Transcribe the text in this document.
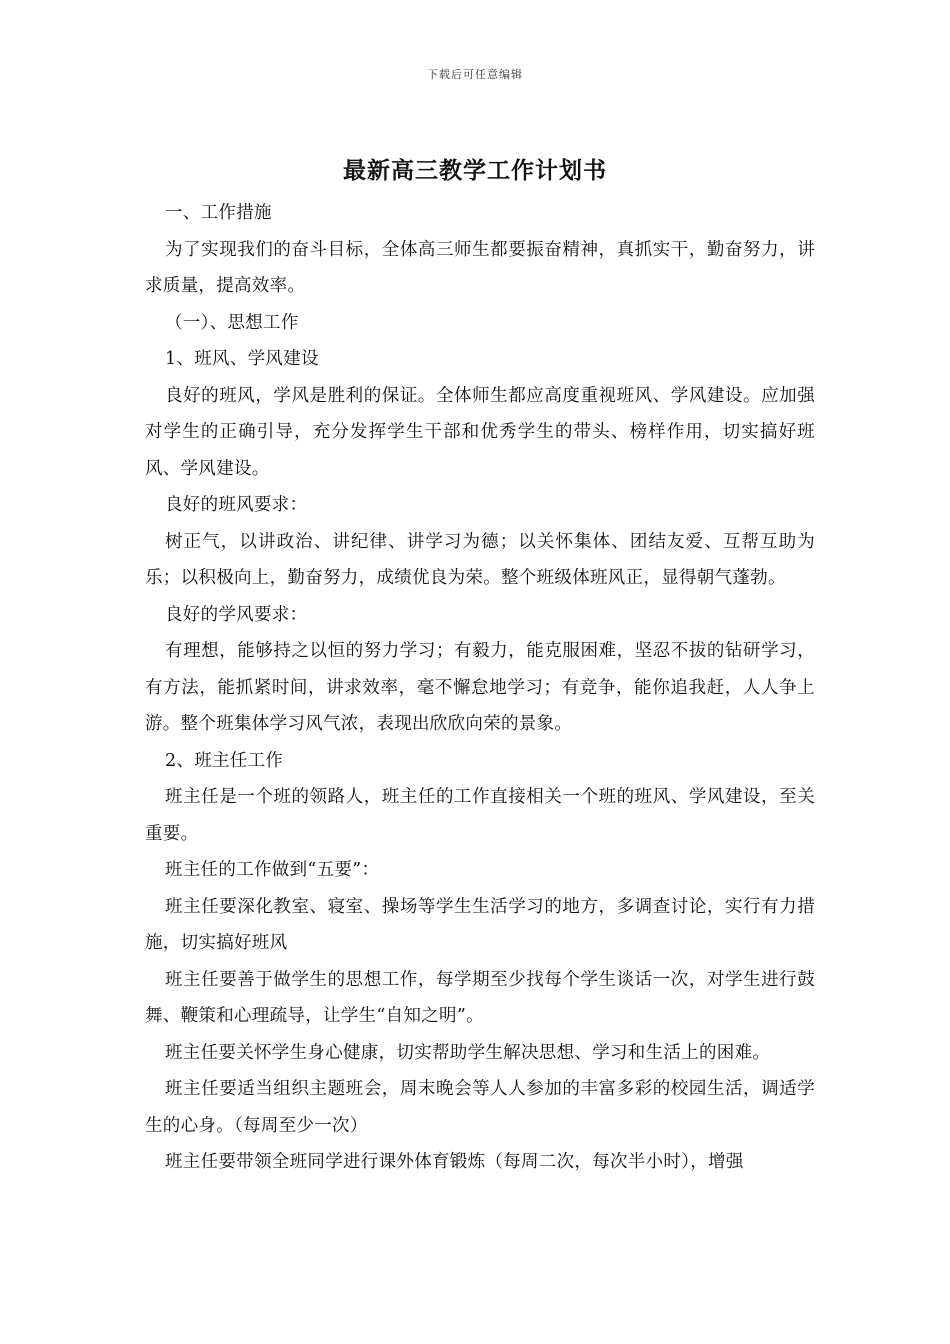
下载后可任意编辑
最新高三教学工作计划书

一、工作措施

为了实现我们的奋斗目标，全体高三师生都要振奋精神，真抓实干，勤奋努力，讲求质量，提高效率。

（一）、思想工作

1、班风、学风建设

良好的班风，学风是胜利的保证。全体师生都应高度重视班风、学风建设。应加强对学生的正确引导，充分发挥学生干部和优秀学生的带头、榜样作用，切实搞好班风、学风建设。

良好的班风要求：

树正气，以讲政治、讲纪律、讲学习为德；以关怀集体、团结友爱、互帮互助为乐；以积极向上，勤奋努力，成绩优良为荣。整个班级体班风正，显得朝气蓬勃。

良好的学风要求：

有理想，能够持之以恒的努力学习；有毅力，能克服困难，坚忍不拔的钻研学习，有方法，能抓紧时间，讲求效率，毫不懈怠地学习；有竞争，能你追我赶，人人争上游。整个班集体学习风气浓，表现出欣欣向荣的景象。

2、班主任工作

班主任是一个班的领路人，班主任的工作直接相关一个班的班风、学风建设，至关重要。

班主任的工作做到“五要”：

班主任要深化教室、寝室、操场等学生生活学习的地方，多调查讨论，实行有力措施，切实搞好班风

班主任要善于做学生的思想工作，每学期至少找每个学生谈话一次，对学生进行鼓舞、鞭策和心理疏导，让学生“自知之明”。

班主任要关怀学生身心健康，切实帮助学生解决思想、学习和生活上的困难。

班主任要适当组织主题班会，周末晚会等人人参加的丰富多彩的校园生活，调适学生的心身。（每周至少一次）

班主任要带领全班同学进行课外体育锻炼（每周二次，每次半小时），增强
